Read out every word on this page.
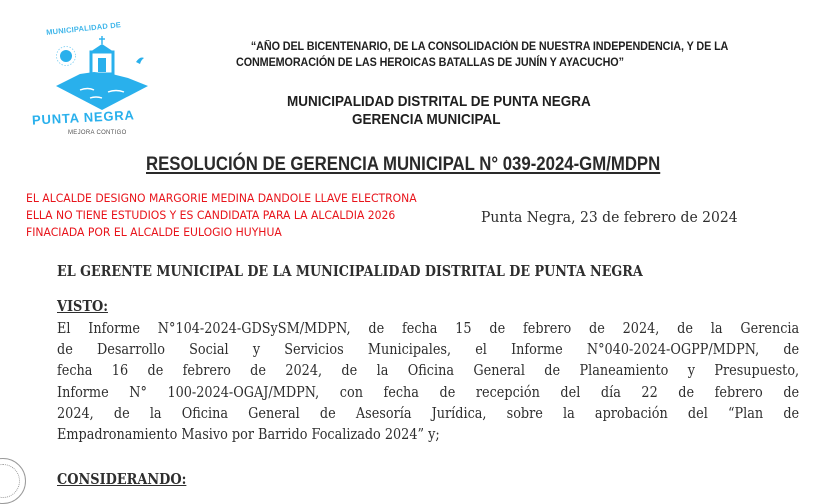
MUNICIPALIDAD DE
PUNTA NEGRA
MEJORA CONTIGO
“AÑO DEL BICENTENARIO, DE LA CONSOLIDACIÓN DE NUESTRA INDEPENDENCIA, Y DE LA
CONMEMORACIÓN DE LAS HEROICAS BATALLAS DE JUNÍN Y AYACUCHO”
MUNICIPALIDAD DISTRITAL DE PUNTA NEGRA
GERENCIA MUNICIPAL
RESOLUCIÓN DE GERENCIA MUNICIPAL N° 039-2024-GM/MDPN
EL ALCALDE DESIGNO MARGORIE MEDINA DANDOLE LLAVE ELECTRONA
ELLA NO TIENE ESTUDIOS Y ES CANDIDATA PARA LA ALCALDIA 2026
FINACIADA POR EL ALCALDE EULOGIO HUYHUA
Punta Negra, 23 de febrero de 2024
EL GERENTE MUNICIPAL DE LA MUNICIPALIDAD DISTRITAL DE PUNTA NEGRA
VISTO:
El Informe N°104-2024-GDSySM/MDPN, de fecha 15 de febrero de 2024, de la Gerencia
de Desarrollo Social y Servicios Municipales, el Informe N°040-2024-OGPP/MDPN, de
fecha 16 de febrero de 2024, de la Oficina General de Planeamiento y Presupuesto,
Informe N° 100-2024-OGAJ/MDPN, con fecha de recepción del día 22 de febrero de
2024, de la Oficina General de Asesoría Jurídica, sobre la aprobación del “Plan de
Empadronamiento Masivo por Barrido Focalizado 2024” y;
CONSIDERANDO:
